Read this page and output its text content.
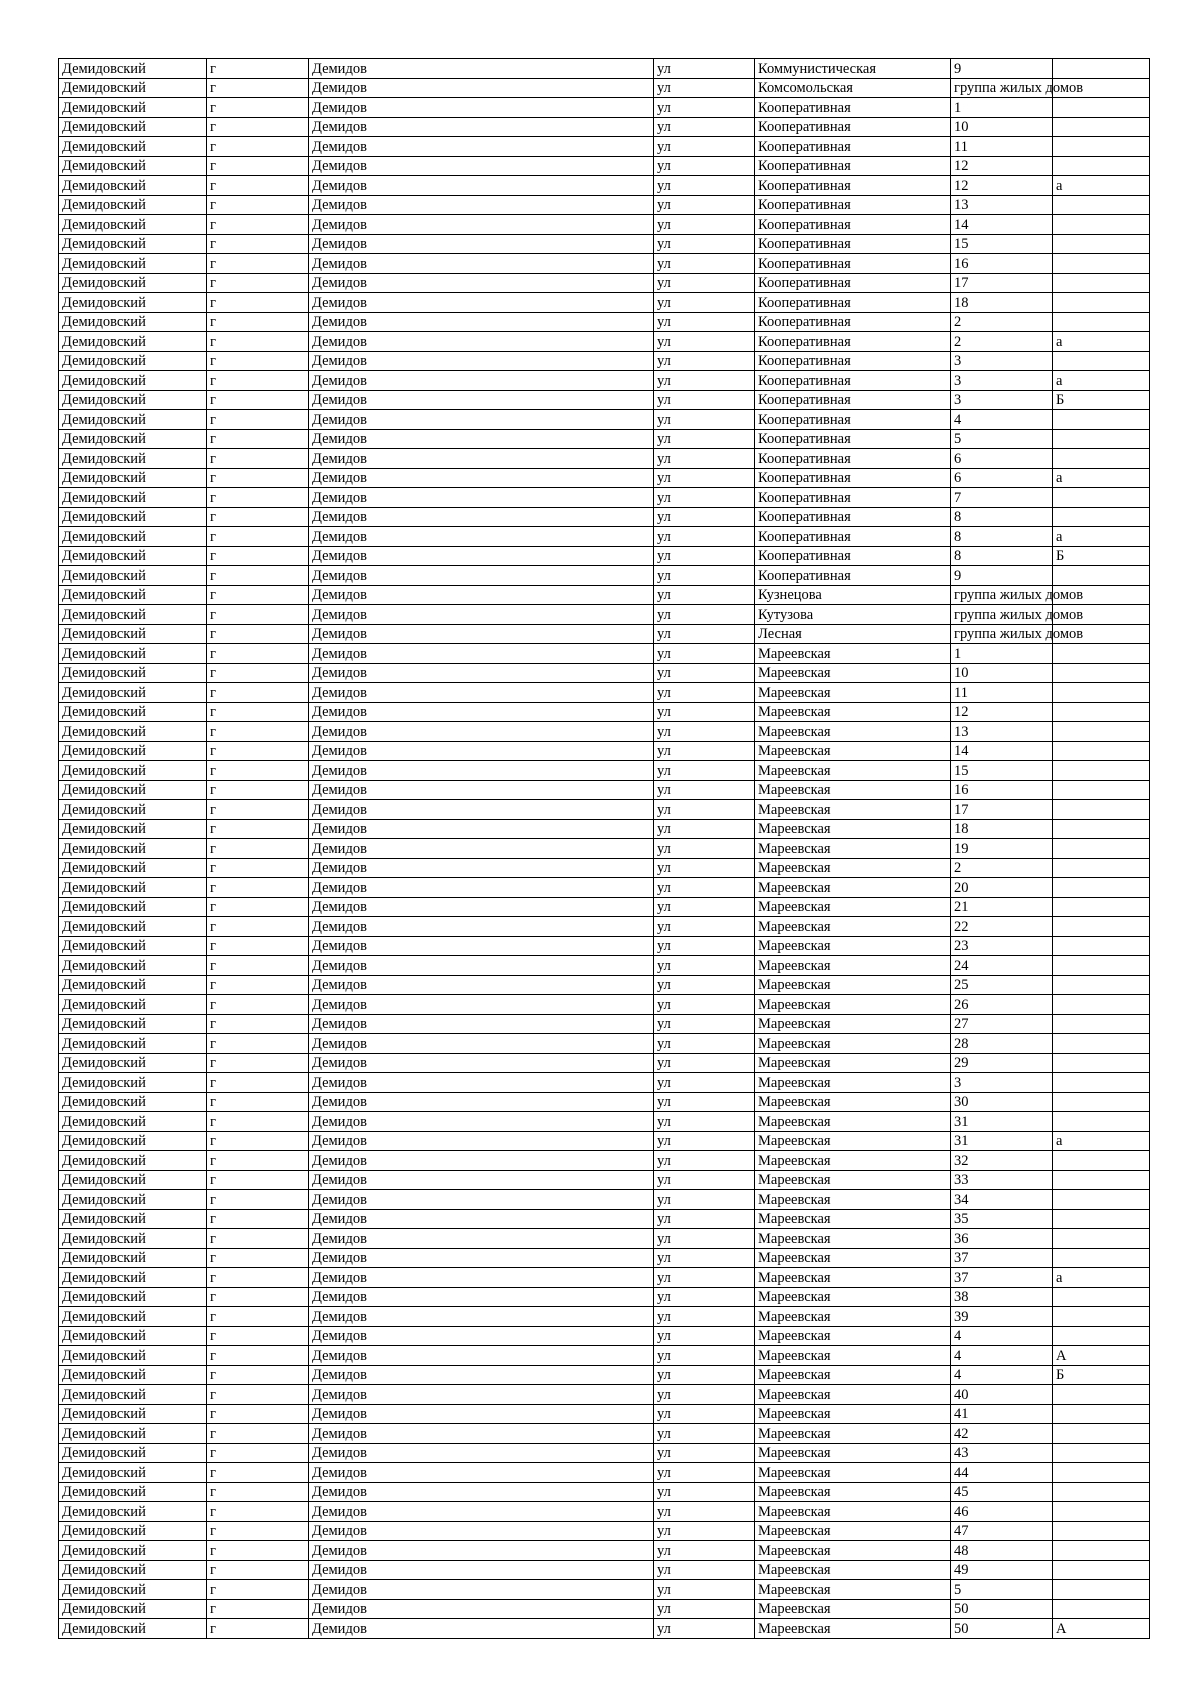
Демидовский	г	Демидов	ул	Коммунистическая	9	
Демидовский	г	Демидов	ул	Комсомольская	группа жилых домов	
Демидовский	г	Демидов	ул	Кооперативная	1	
Демидовский	г	Демидов	ул	Кооперативная	10	
Демидовский	г	Демидов	ул	Кооперативная	11	
Демидовский	г	Демидов	ул	Кооперативная	12	
Демидовский	г	Демидов	ул	Кооперативная	12	а
Демидовский	г	Демидов	ул	Кооперативная	13	
Демидовский	г	Демидов	ул	Кооперативная	14	
Демидовский	г	Демидов	ул	Кооперативная	15	
Демидовский	г	Демидов	ул	Кооперативная	16	
Демидовский	г	Демидов	ул	Кооперативная	17	
Демидовский	г	Демидов	ул	Кооперативная	18	
Демидовский	г	Демидов	ул	Кооперативная	2	
Демидовский	г	Демидов	ул	Кооперативная	2	а
Демидовский	г	Демидов	ул	Кооперативная	3	
Демидовский	г	Демидов	ул	Кооперативная	3	а
Демидовский	г	Демидов	ул	Кооперативная	3	Б
Демидовский	г	Демидов	ул	Кооперативная	4	
Демидовский	г	Демидов	ул	Кооперативная	5	
Демидовский	г	Демидов	ул	Кооперативная	6	
Демидовский	г	Демидов	ул	Кооперативная	6	а
Демидовский	г	Демидов	ул	Кооперативная	7	
Демидовский	г	Демидов	ул	Кооперативная	8	
Демидовский	г	Демидов	ул	Кооперативная	8	а
Демидовский	г	Демидов	ул	Кооперативная	8	Б
Демидовский	г	Демидов	ул	Кооперативная	9	
Демидовский	г	Демидов	ул	Кузнецова	группа жилых домов	
Демидовский	г	Демидов	ул	Кутузова	группа жилых домов	
Демидовский	г	Демидов	ул	Лесная	группа жилых домов	
Демидовский	г	Демидов	ул	Мареевская	1	
Демидовский	г	Демидов	ул	Мареевская	10	
Демидовский	г	Демидов	ул	Мареевская	11	
Демидовский	г	Демидов	ул	Мареевская	12	
Демидовский	г	Демидов	ул	Мареевская	13	
Демидовский	г	Демидов	ул	Мареевская	14	
Демидовский	г	Демидов	ул	Мареевская	15	
Демидовский	г	Демидов	ул	Мареевская	16	
Демидовский	г	Демидов	ул	Мареевская	17	
Демидовский	г	Демидов	ул	Мареевская	18	
Демидовский	г	Демидов	ул	Мареевская	19	
Демидовский	г	Демидов	ул	Мареевская	2	
Демидовский	г	Демидов	ул	Мареевская	20	
Демидовский	г	Демидов	ул	Мареевская	21	
Демидовский	г	Демидов	ул	Мареевская	22	
Демидовский	г	Демидов	ул	Мареевская	23	
Демидовский	г	Демидов	ул	Мареевская	24	
Демидовский	г	Демидов	ул	Мареевская	25	
Демидовский	г	Демидов	ул	Мареевская	26	
Демидовский	г	Демидов	ул	Мареевская	27	
Демидовский	г	Демидов	ул	Мареевская	28	
Демидовский	г	Демидов	ул	Мареевская	29	
Демидовский	г	Демидов	ул	Мареевская	3	
Демидовский	г	Демидов	ул	Мареевская	30	
Демидовский	г	Демидов	ул	Мареевская	31	
Демидовский	г	Демидов	ул	Мареевская	31	а
Демидовский	г	Демидов	ул	Мареевская	32	
Демидовский	г	Демидов	ул	Мареевская	33	
Демидовский	г	Демидов	ул	Мареевская	34	
Демидовский	г	Демидов	ул	Мареевская	35	
Демидовский	г	Демидов	ул	Мареевская	36	
Демидовский	г	Демидов	ул	Мареевская	37	
Демидовский	г	Демидов	ул	Мареевская	37	а
Демидовский	г	Демидов	ул	Мареевская	38	
Демидовский	г	Демидов	ул	Мареевская	39	
Демидовский	г	Демидов	ул	Мареевская	4	
Демидовский	г	Демидов	ул	Мареевская	4	А
Демидовский	г	Демидов	ул	Мареевская	4	Б
Демидовский	г	Демидов	ул	Мареевская	40	
Демидовский	г	Демидов	ул	Мареевская	41	
Демидовский	г	Демидов	ул	Мареевская	42	
Демидовский	г	Демидов	ул	Мареевская	43	
Демидовский	г	Демидов	ул	Мареевская	44	
Демидовский	г	Демидов	ул	Мареевская	45	
Демидовский	г	Демидов	ул	Мареевская	46	
Демидовский	г	Демидов	ул	Мареевская	47	
Демидовский	г	Демидов	ул	Мареевская	48	
Демидовский	г	Демидов	ул	Мареевская	49	
Демидовский	г	Демидов	ул	Мареевская	5	
Демидовский	г	Демидов	ул	Мареевская	50	
Демидовский	г	Демидов	ул	Мареевская	50	А
